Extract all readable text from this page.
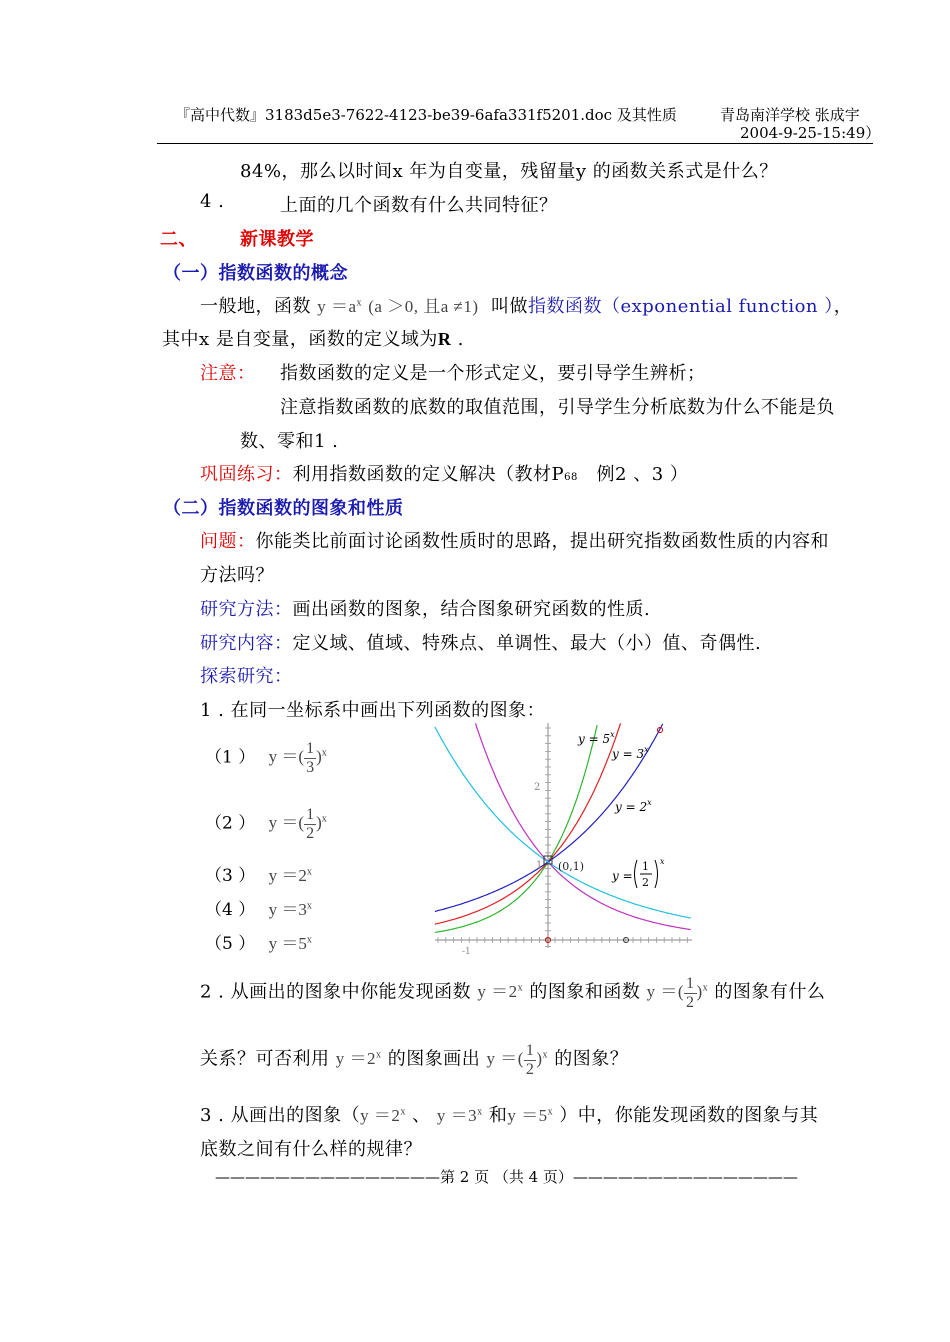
『高中代数』3183d5e3-7622-4123-be39-6afa331f5201.doc 及其性质	青岛南洋学校 张成宇
2004-9-25-15:49）
84%，那么以时间x 年为自变量，残留量y 的函数关系式是什么？
4 .	上面的几个函数有什么共同特征？
二、 新课教学
（一）指数函数的概念
一般地，函数 $y =a^x$ (a ＞0, 且a ≠1) 叫做指数函数（exponential function ），
其中x 是自变量，函数的定义域为R .
注意： 指数函数的定义是一个形式定义，要引导学生辨析；
注意指数函数的底数的取值范围，引导学生分析底数为什么不能是负
数、零和1 .
巩固练习：利用指数函数的定义解决（教材P68 例2 、3 ）
（二）指数函数的图象和性质
问题：你能类比前面讨论函数性质时的思路，提出研究指数函数性质的内容和
方法吗？
研究方法：画出函数的图象，结合图象研究函数的性质.
研究内容：定义域、值域、特殊点、单调性、最大（小）值、奇偶性.
探索研究：
1 . 在同一坐标系中画出下列函数的图象：
（1 ） y ＝( $\frac{1}{3} )^x$
（2 ） y ＝( $\frac{1}{2} )^x$
（3 ） $y =2^x$
（4 ） $y =3^x$
（5 ） $y =5^x$
(0,1)
2
1
-1
$y = 5^x$
$y = 3^x$
$y = 2^x$
y =
1
2
x
2 . 从画出的图象中你能发现函数 $y =2^x$ 的图象和函数 y ＝( $\frac{1}{2} )^x$ 的图象有什么
关系？可否利用 $y =2^x$ 的图象画出 y ＝( $\frac{1}{2} )^x$ 的图象？
3 . 从画出的图象（$y =2^x$ 、 $y =3^x$ 和$y =5^x$ ）中，你能发现函数的图象与其
底数之间有什么样的规律？
———————————————第 2 页 （共 4 页）———————————————
